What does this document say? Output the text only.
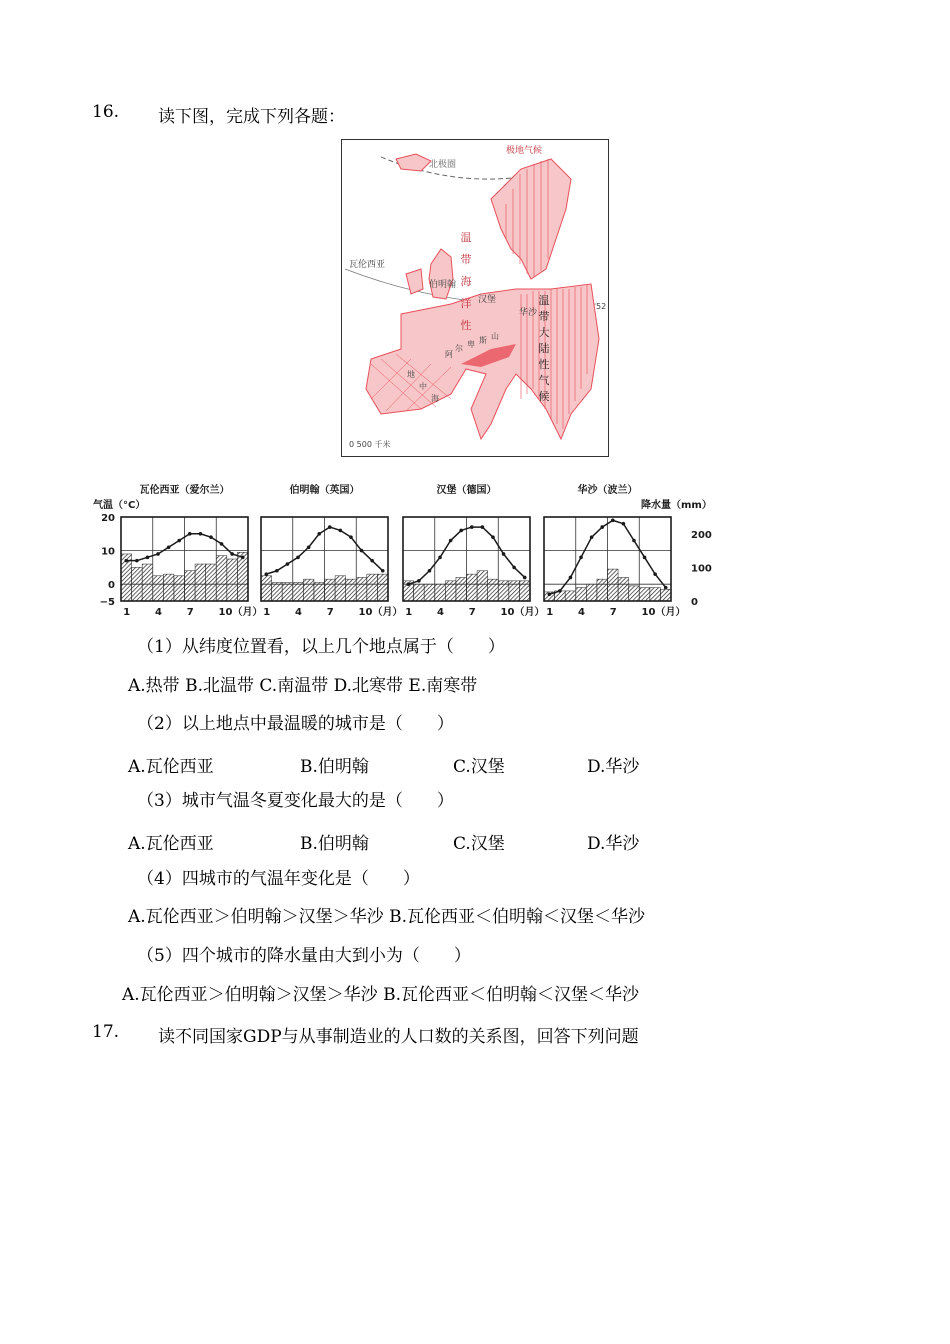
16. 读下图，完成下列各题：
北极圈
极地气候
瓦伦西亚
伯明翰
汉堡
华沙
52
0 500 千米
温
带
海
洋
性
温
带
大
陆
性
气
候
阿
尔 卑 斯 山
地
中
海
气温（°C）	降水量（mm）
20
10
0
−5
200
100
0
瓦伦西亚（爱尔兰）
1 4 7 10（月）
伯明翰（英国）
1 4 7 10（月）
汉堡（德国）
1 4 7 10（月）
华沙（波兰）
1 4 7 10（月）
（1）从纬度位置看，以上几个地点属于（　　）
A.热带 B.北温带 C.南温带 D.北寒带 E.南寒带
（2）以上地点中最温暖的城市是（　　）
A.瓦伦西亚	B.伯明翰	C.汉堡	D.华沙
（3）城市气温冬夏变化最大的是（　　）
A.瓦伦西亚	B.伯明翰	C.汉堡	D.华沙
（4）四城市的气温年变化是（　　）
A.瓦伦西亚＞伯明翰＞汉堡＞华沙 B.瓦伦西亚＜伯明翰＜汉堡＜华沙
（5）四个城市的降水量由大到小为（　　）
A.瓦伦西亚＞伯明翰＞汉堡＞华沙 B.瓦伦西亚＜伯明翰＜汉堡＜华沙
17. 读不同国家GDP与从事制造业的人口数的关系图，回答下列问题
